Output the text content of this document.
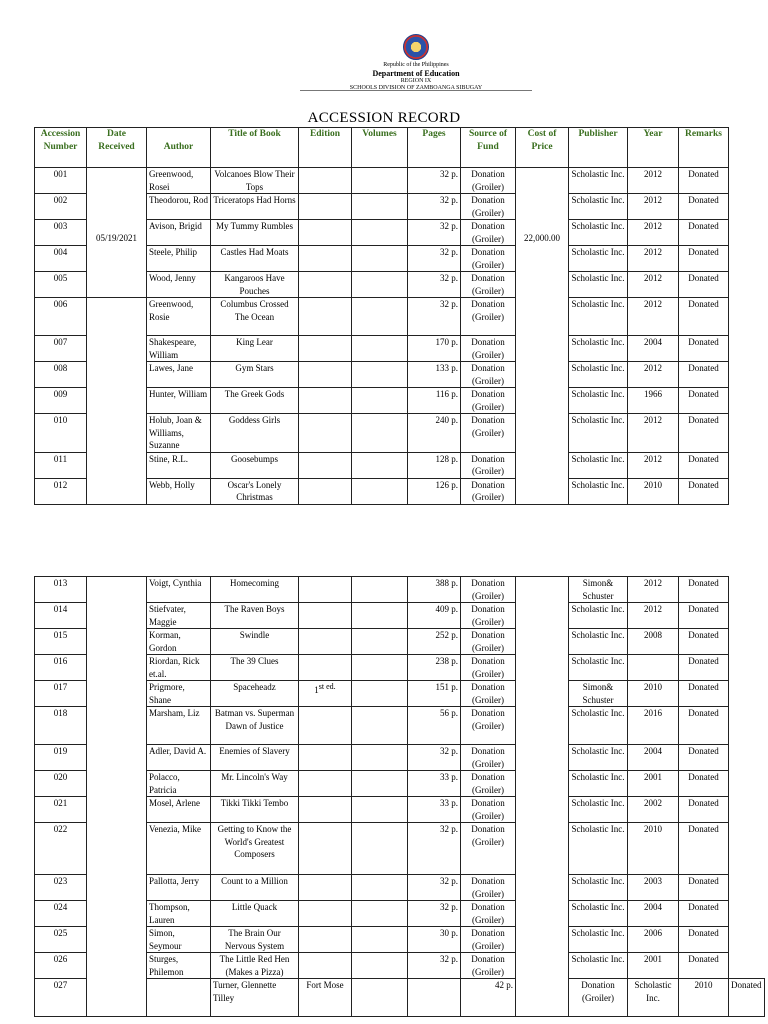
Republic of the Philippines
Department of Education
REGION IX
SCHOOLS DIVISION OF ZAMBOANGA SIBUGAY
ACCESSION RECORD
Accession Number	Date Received	Author	Title of Book	Edition	Volumes	Pages	Source of Fund	Cost of Price	Publisher	Year	Remarks
001	05/19/2021	Greenwood, Rosei	Volcanoes Blow Their Tops			32 p.	Donation (Groiler)	22,000.00	Scholastic Inc.	2012	Donated
002		Theodorou, Rod	Triceratops Had Horns			32 p.	Donation (Groiler)		Scholastic Inc.	2012	Donated
003		Avison, Brigid	My Tummy Rumbles			32 p.	Donation (Groiler)		Scholastic Inc.	2012	Donated
004		Steele, Philip	Castles Had Moats			32 p.	Donation (Groiler)		Scholastic Inc.	2012	Donated
005		Wood, Jenny	Kangaroos Have Pouches			32 p.	Donation (Groiler)		Scholastic Inc.	2012	Donated
006		Greenwood, Rosie	Columbus Crossed The Ocean			32 p.	Donation (Groiler)		Scholastic Inc.	2012	Donated
007		Shakespeare, William	King Lear			170 p.	Donation (Groiler)		Scholastic Inc.	2004	Donated
008		Lawes, Jane	Gym Stars			133 p.	Donation (Groiler)		Scholastic Inc.	2012	Donated
009		Hunter, William	The Greek Gods			116 p.	Donation (Groiler)		Scholastic Inc.	1966	Donated
010		Holub, Joan & Williams, Suzanne	Goddess Girls			240 p.	Donation (Groiler)		Scholastic Inc.	2012	Donated
011		Stine, R.L.	Goosebumps			128 p.	Donation (Groiler)		Scholastic Inc.	2012	Donated
012		Webb, Holly	Oscar's Lonely Christmas			126 p.	Donation (Groiler)		Scholastic Inc.	2010	Donated
013		Voigt, Cynthia	Homecoming			388 p.	Donation (Groiler)		Simon& Schuster	2012	Donated	
014		Stiefvater, Maggie	The Raven Boys			409 p.	Donation (Groiler)		Scholastic Inc.	2012	Donated	
015		Korman, Gordon	Swindle			252 p.	Donation (Groiler)		Scholastic Inc.	2008	Donated	
016		Riordan, Rick et.al.	The 39 Clues			238 p.	Donation (Groiler)		Scholastic Inc.		Donated	
017		Prigmore, Shane	Spaceheadz	1st ed.		151 p.	Donation (Groiler)		Simon& Schuster	2010	Donated	
018		Marsham, Liz	Batman vs. Superman Dawn of Justice			56 p.	Donation (Groiler)		Scholastic Inc.	2016	Donated	
019		Adler, David A.	Enemies of Slavery			32 p.	Donation (Groiler)		Scholastic Inc.	2004	Donated	
020		Polacco, Patricia	Mr. Lincoln's Way			33 p.	Donation (Groiler)		Scholastic Inc.	2001	Donated	
021		Mosel, Arlene	Tikki Tikki Tembo			33 p.	Donation (Groiler)		Scholastic Inc.	2002	Donated	
022		Venezia, Mike	Getting to Know the World's Greatest Composers			32 p.	Donation (Groiler)		Scholastic Inc.	2010	Donated	
023		Pallotta, Jerry	Count to a Million			32 p.	Donation (Groiler)		Scholastic Inc.	2003	Donated	
024		Thompson, Lauren	Little Quack			32 p.	Donation (Groiler)		Scholastic Inc.	2004	Donated	
025		Simon, Seymour	The Brain Our Nervous System			30 p.	Donation (Groiler)		Scholastic Inc.	2006	Donated	
026		Sturges, Philemon	The Little Red Hen (Makes a Pizza)			32 p.	Donation (Groiler)		Scholastic Inc.	2001	Donated	
027			Turner, Glennette Tilley	Fort Mose			42 p.		Donation (Groiler)	Scholastic Inc.	2010	Donated
